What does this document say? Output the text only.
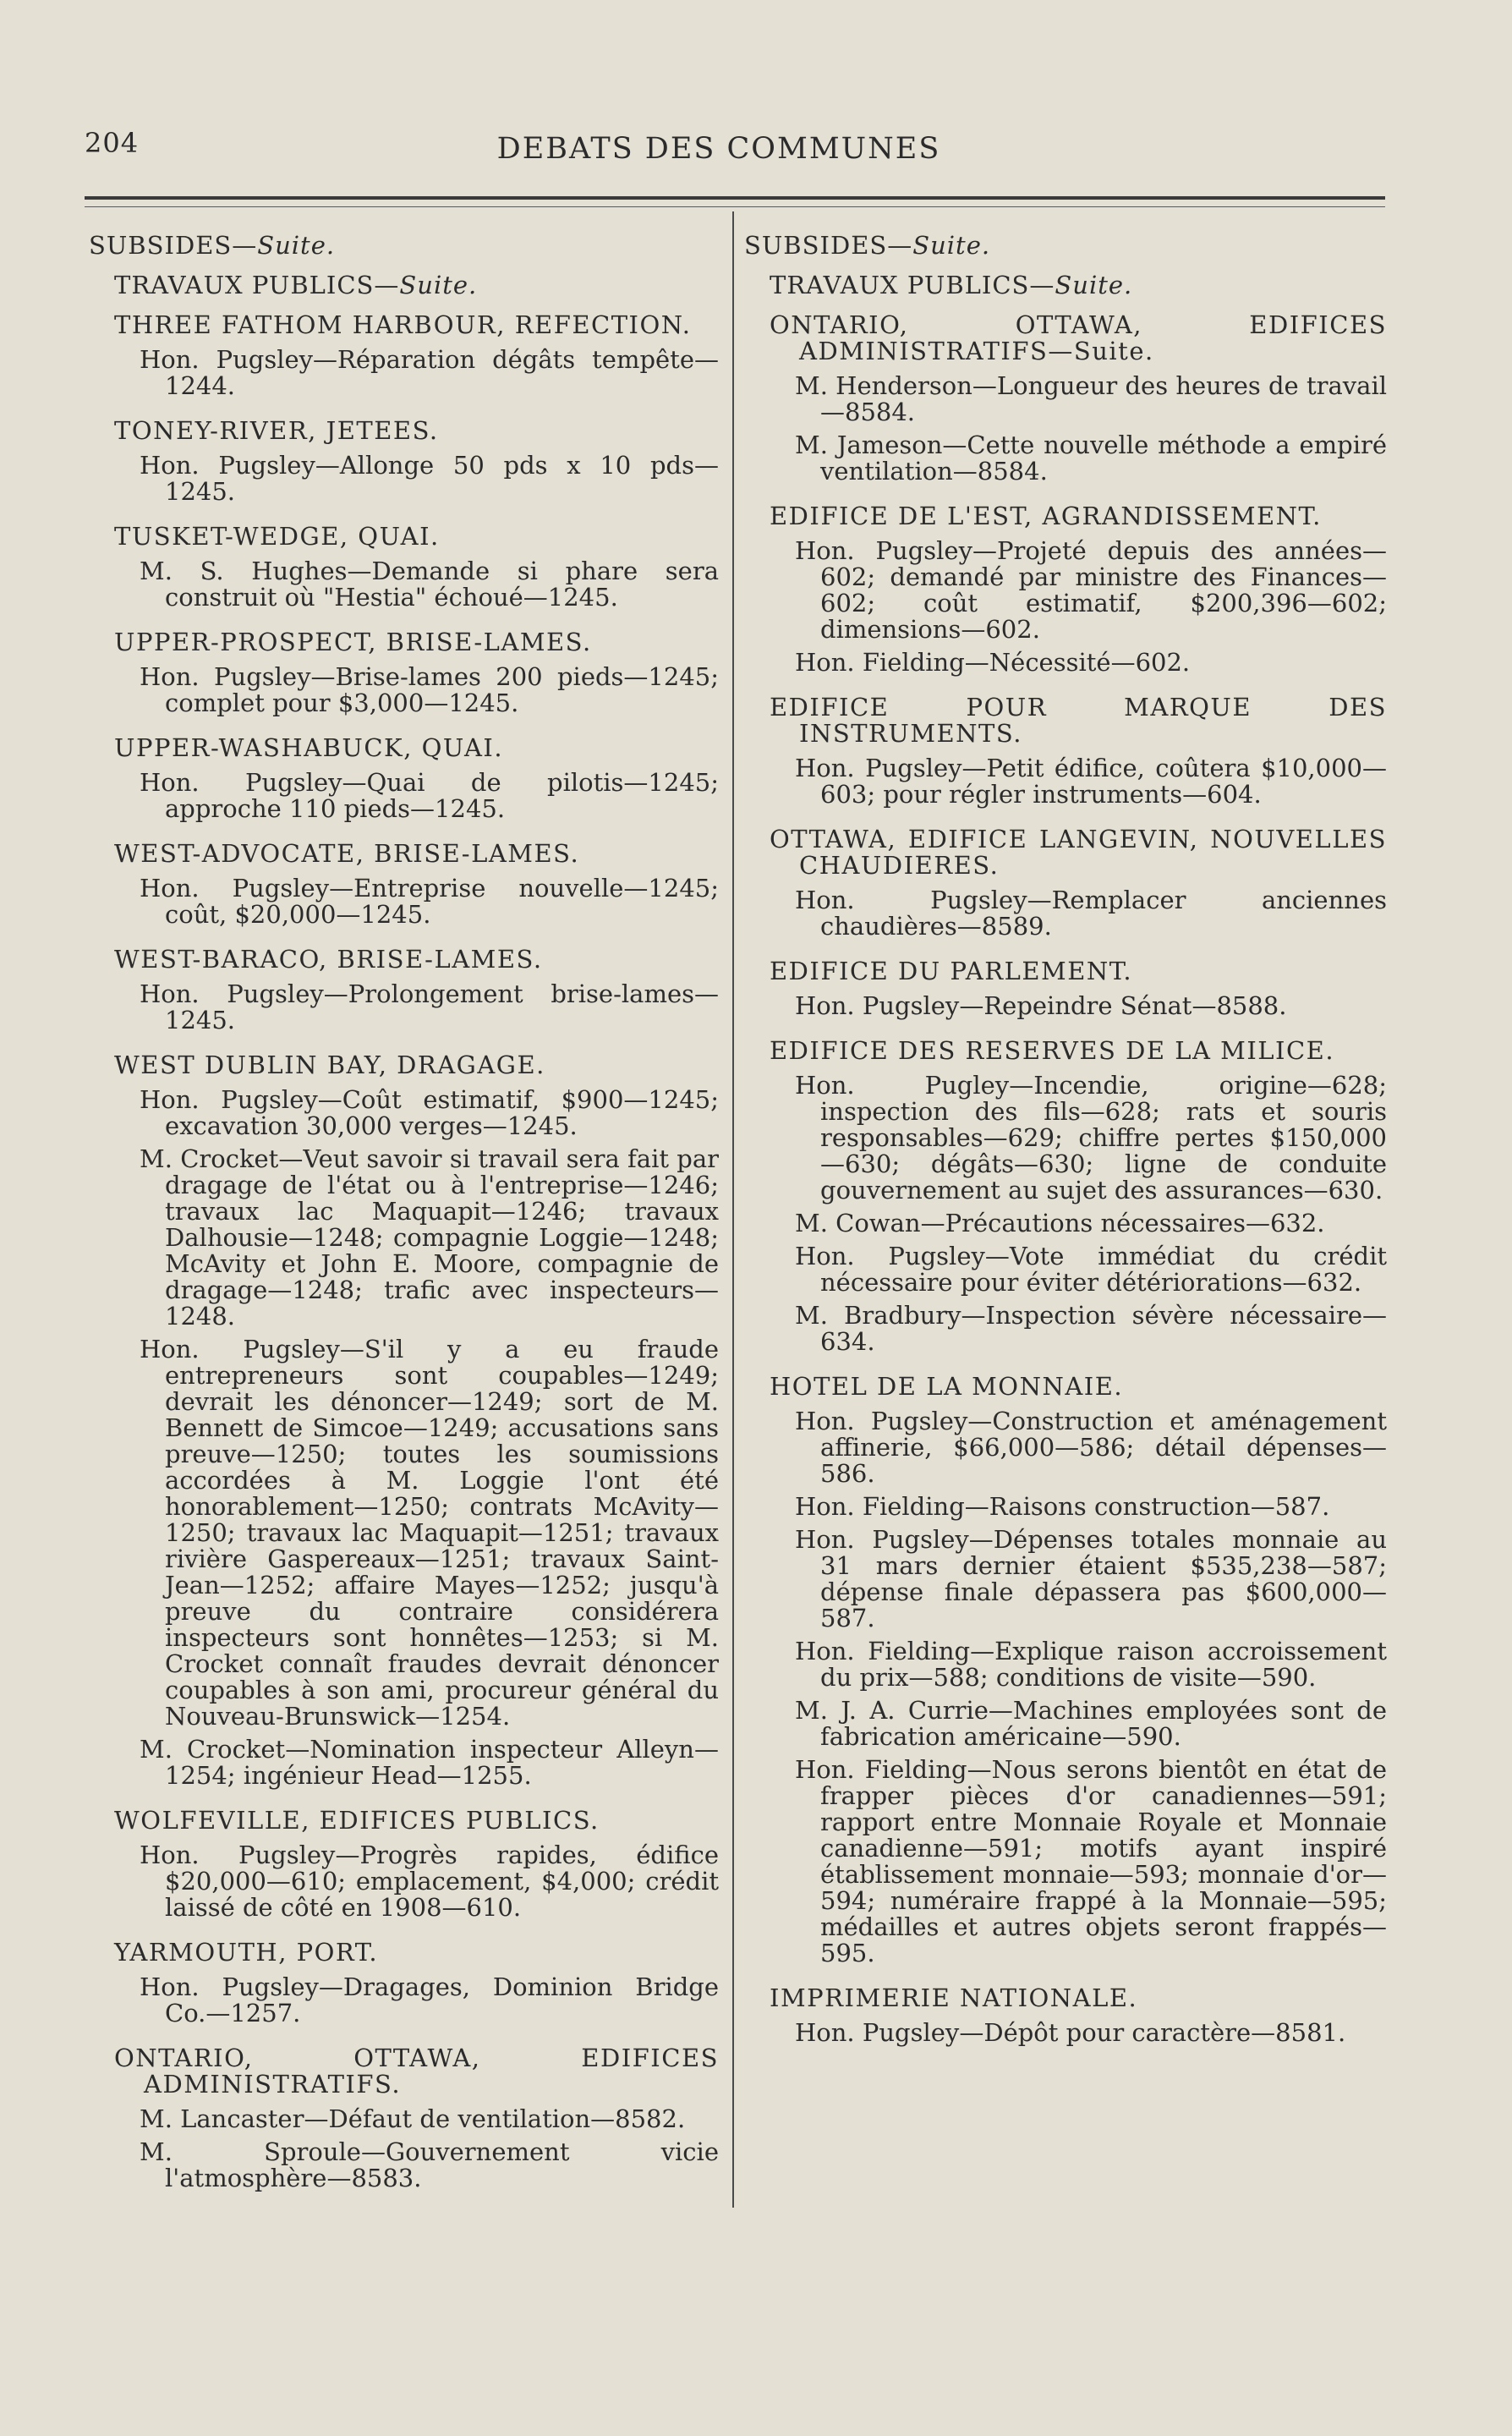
204	DEBATS DES COMMUNES
SUBSIDES—Suite.
TRAVAUX PUBLICS—Suite.
THREE FATHOM HARBOUR, REFECTION.
Hon. Pugsley—Réparation dégâts tempête—1244.
TONEY-RIVER, JETEES.
Hon. Pugsley—Allonge 50 pds x 10 pds—1245.
TUSKET-WEDGE, QUAI.
M. S. Hughes—Demande si phare sera construit où "Hestia" échoué—1245.
UPPER-PROSPECT, BRISE-LAMES.
Hon. Pugsley—Brise-lames 200 pieds—1245; complet pour $3,000—1245.
UPPER-WASHABUCK, QUAI.
Hon. Pugsley—Quai de pilotis—1245; approche 110 pieds—1245.
WEST-ADVOCATE, BRISE-LAMES.
Hon. Pugsley—Entreprise nouvelle—1245; coût, $20,000—1245.
WEST-BARACO, BRISE-LAMES.
Hon. Pugsley—Prolongement brise-lames—1245.
WEST DUBLIN BAY, DRAGAGE.
Hon. Pugsley—Coût estimatif, $900—1245; excavation 30,000 verges—1245.
M. Crocket—Veut savoir si travail sera fait par dragage de l'état ou à l'entreprise—1246; travaux lac Maquapit—1246; travaux Dalhousie—1248; compagnie Loggie—1248; McAvity et John E. Moore, compagnie de dragage—1248; trafic avec inspecteurs—1248.
Hon. Pugsley—S'il y a eu fraude entrepreneurs sont coupables—1249; devrait les dénoncer—1249; sort de M. Bennett de Simcoe—1249; accusations sans preuve—1250; toutes les soumissions accordées à M. Loggie l'ont été honorablement—1250; contrats McAvity—1250; travaux lac Maquapit—1251; travaux rivière Gaspereaux—1251; travaux Saint-Jean—1252; affaire Mayes—1252; jusqu'à preuve du contraire considérera inspecteurs sont honnêtes—1253; si M. Crocket connaît fraudes devrait dénoncer coupables à son ami, procureur général du Nouveau-Brunswick—1254.
M. Crocket—Nomination inspecteur Alleyn—1254; ingénieur Head—1255.
WOLFEVILLE, EDIFICES PUBLICS.
Hon. Pugsley—Progrès rapides, édifice $20,000—610; emplacement, $4,000; crédit laissé de côté en 1908—610.
YARMOUTH, PORT.
Hon. Pugsley—Dragages, Dominion Bridge Co.—1257.
ONTARIO, OTTAWA, EDIFICES ADMINISTRATIFS.
M. Lancaster—Défaut de ventilation—8582.
M. Sproule—Gouvernement vicie l'atmosphère—8583.
SUBSIDES—Suite.
TRAVAUX PUBLICS—Suite.
ONTARIO, OTTAWA, EDIFICES ADMINISTRATIFS—Suite.
M. Henderson—Longueur des heures de travail—8584.
M. Jameson—Cette nouvelle méthode a empiré ventilation—8584.
EDIFICE DE L'EST, AGRANDISSEMENT.
Hon. Pugsley—Projeté depuis des années—602; demandé par ministre des Finances—602; coût estimatif, $200,396—602; dimensions—602.
Hon. Fielding—Nécessité—602.
EDIFICE POUR MARQUE DES INSTRUMENTS.
Hon. Pugsley—Petit édifice, coûtera $10,000—603; pour régler instruments—604.
OTTAWA, EDIFICE LANGEVIN, NOUVELLES CHAUDIERES.
Hon. Pugsley—Remplacer anciennes chaudières—8589.
EDIFICE DU PARLEMENT.
Hon. Pugsley—Repeindre Sénat—8588.
EDIFICE DES RESERVES DE LA MILICE.
Hon. Pugley—Incendie, origine—628; inspection des fils—628; rats et souris responsables—629; chiffre pertes $150,000—630; dégâts—630; ligne de conduite gouvernement au sujet des assurances—630.
M. Cowan—Précautions nécessaires—632.
Hon. Pugsley—Vote immédiat du crédit nécessaire pour éviter détériorations—632.
M. Bradbury—Inspection sévère nécessaire—634.
HOTEL DE LA MONNAIE.
Hon. Pugsley—Construction et aménagement affinerie, $66,000—586; détail dépenses—586.
Hon. Fielding—Raisons construction—587.
Hon. Pugsley—Dépenses totales monnaie au 31 mars dernier étaient $535,238—587; dépense finale dépassera pas $600,000—587.
Hon. Fielding—Explique raison accroissement du prix—588; conditions de visite—590.
M. J. A. Currie—Machines employées sont de fabrication américaine—590.
Hon. Fielding—Nous serons bientôt en état de frapper pièces d'or canadiennes—591; rapport entre Monnaie Royale et Monnaie canadienne—591; motifs ayant inspiré établissement monnaie—593; monnaie d'or—594; numéraire frappé à la Monnaie—595; médailles et autres objets seront frappés—595.
IMPRIMERIE NATIONALE.
Hon. Pugsley—Dépôt pour caractère—8581.
